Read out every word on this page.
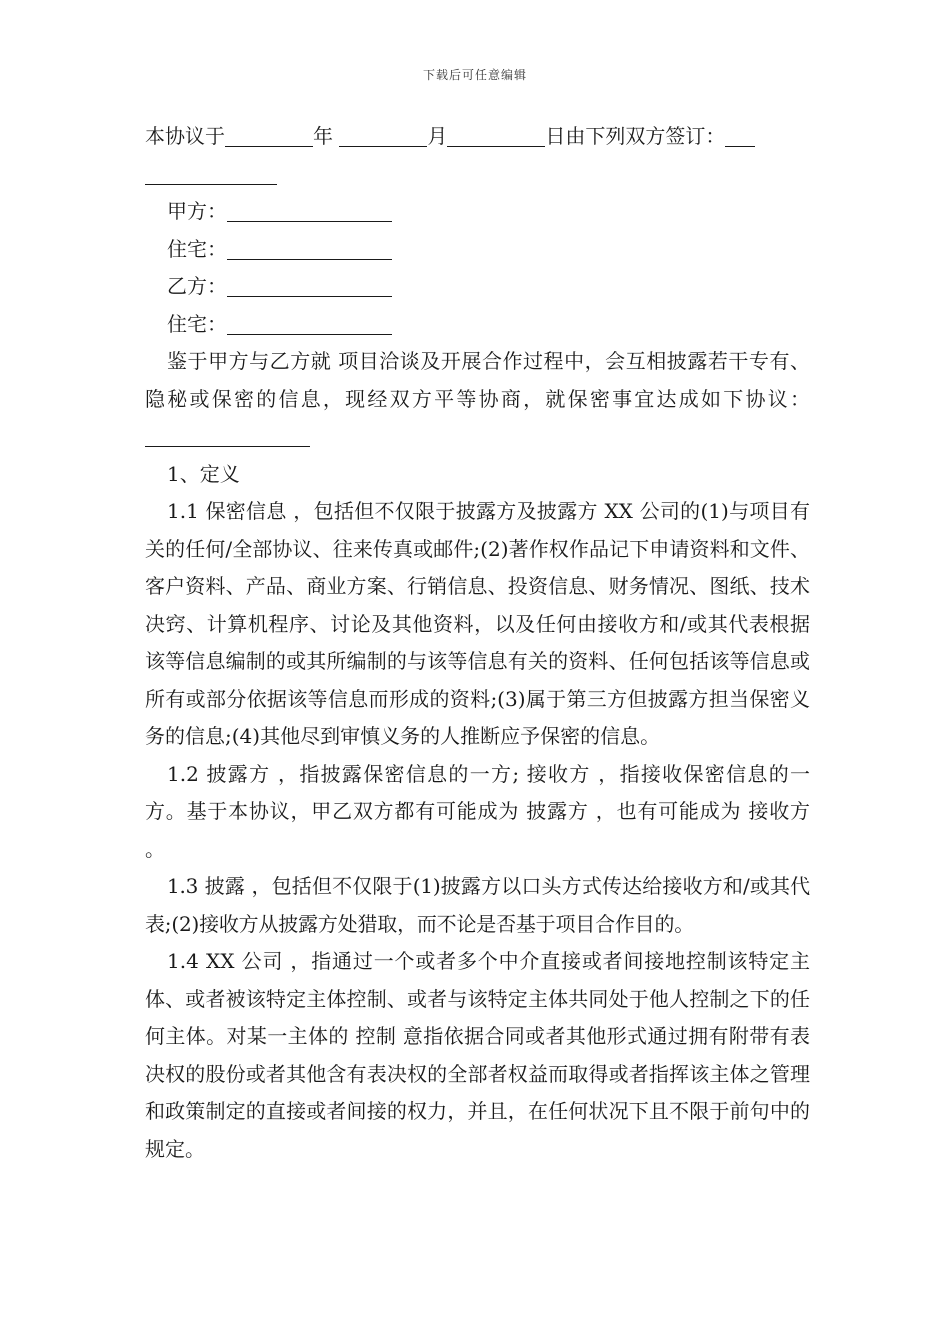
下载后可任意编辑
本协议于	年	月	日由下列双方签订：
甲方：
住宅：
乙方：
住宅：

鉴于甲方与乙方就 项目洽谈及开展合作过程中，会互相披露若干专有、隐秘或保密的信息，现经双方平等协商，就保密事宜达成如下协议：

1、定义

1.1 保密信息 ，包括但不仅限于披露方及披露方 XX 公司的(1)与项目有关的任何/全部协议、往来传真或邮件;(2)著作权作品记下申请资料和文件、客户资料、产品、商业方案、行销信息、投资信息、财务情况、图纸、技术决窍、计算机程序、讨论及其他资料，以及任何由接收方和/或其代表根据该等信息编制的或其所编制的与该等信息有关的资料、任何包括该等信息或所有或部分依据该等信息而形成的资料;(3)属于第三方但披露方担当保密义务的信息;(4)其他尽到审慎义务的人推断应予保密的信息。

1.2 披露方 ，指披露保密信息的一方; 接收方 ，指接收保密信息的一方。基于本协议，甲乙双方都有可能成为 披露方 ，也有可能成为 接收方 。

1.3 披露 ，包括但不仅限于(1)披露方以口头方式传达给接收方和/或其代表;(2)接收方从披露方处猎取，而不论是否基于项目合作目的。

1.4 XX 公司 ，指通过一个或者多个中介直接或者间接地控制该特定主体、或者被该特定主体控制、或者与该特定主体共同处于他人控制之下的任何主体。对某一主体的 控制 意指依据合同或者其他形式通过拥有附带有表决权的股份或者其他含有表决权的全部者权益而取得或者指挥该主体之管理和政策制定的直接或者间接的权力，并且，在任何状况下且不限于前句中的规定。
